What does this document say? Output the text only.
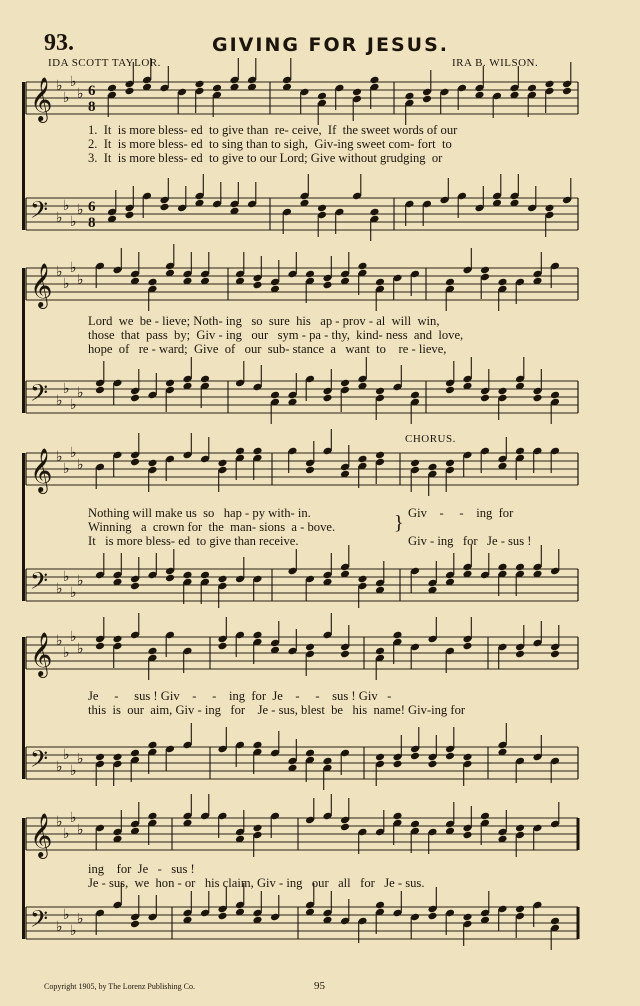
93.	GIVING FOR JESUS.
IDA SCOTT TAYLOR.	IRA B. WILSON.
𝄞 ♭
♭
♭
♭ 6
8
𝄢 ♭
♭
♭
♭ 6
8
𝄞 ♭
♭
♭
♭
𝄢 ♭
♭
♭
♭
𝄞 ♭
♭
♭
♭
𝄢 ♭
♭
♭
♭
𝄞 ♭
♭
♭
♭
𝄢 ♭
♭
♭
♭
𝄞 ♭
♭
♭
♭
𝄢 ♭
♭
♭
♭
1.  It  is more bless- ed  to give than  re- ceive,  If  the sweet words of our
2.  It  is more bless- ed  to sing than to sigh,  Giv-ing sweet com- fort  to
3.  It  is more bless- ed  to give to our Lord; Give without grudging  or
Lord  we  be - lieve; Noth- ing   so  sure  his   ap - prov - al  will  win,
those  that  pass  by;  Giv - ing   our   sym - pa - thy,  kind- ness  and  love,
hope  of   re - ward;  Give  of   our  sub- stance  a   want  to    re - lieve,
CHORUS.
Nothing will make us  so   hap - py with- in.
Winning   a  crown for  the  man- sions  a - bove.
It   is more bless- ed  to give than receive.
} Giv    -     -    ing  for
Giv - ing   for   Je - sus !
Je     -     sus ! Giv    -     -    ing  for  Je    -     -    sus ! Giv   -
this  is  our  aim, Giv - ing   for    Je - sus, blest  be   his  name! Giv-ing for
ing    for  Je   -   sus !
Je - sus,  we  hon - or   his claim, Giv - ing   our   all   for   Je - sus.
Copyright 1905, by The Lorenz Publishing Co.	95
